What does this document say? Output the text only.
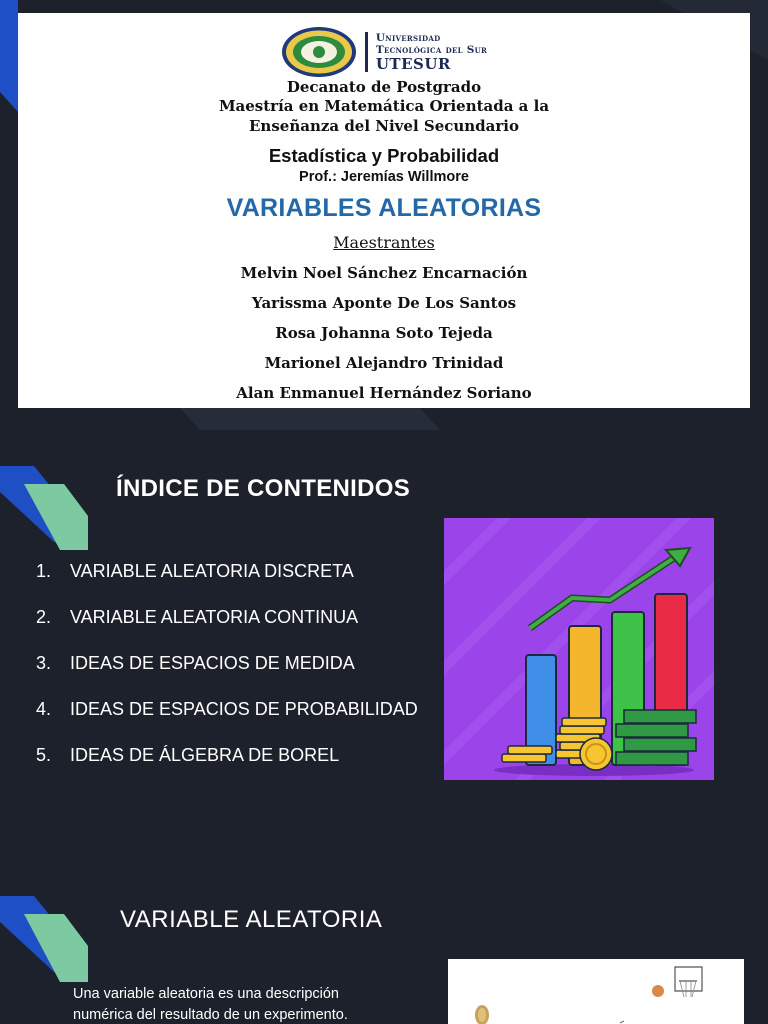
Universidad
Tecnológica del Sur
UTESUR
Decanato de Postgrado
Maestría en Matemática Orientada a la
Enseñanza del Nivel Secundario
Estadística y Probabilidad
Prof.: Jeremías Willmore
VARIABLES ALEATORIAS
Maestrantes
Melvin Noel Sánchez Encarnación
Yarissma Aponte De Los Santos
Rosa Johanna Soto Tejeda
Marionel Alejandro Trinidad
Alan Enmanuel Hernández Soriano
ÍNDICE DE CONTENIDOS
1.	VARIABLE ALEATORIA DISCRETA
2.	VARIABLE ALEATORIA CONTINUA
3.	IDEAS DE ESPACIOS DE MEDIDA
4.	IDEAS DE ESPACIOS DE PROBABILIDAD
5.	IDEAS DE ÁLGEBRA DE BOREL
VARIABLE ALEATORIA
Una variable aleatoria es una descripción
numérica del resultado de un experimento.
